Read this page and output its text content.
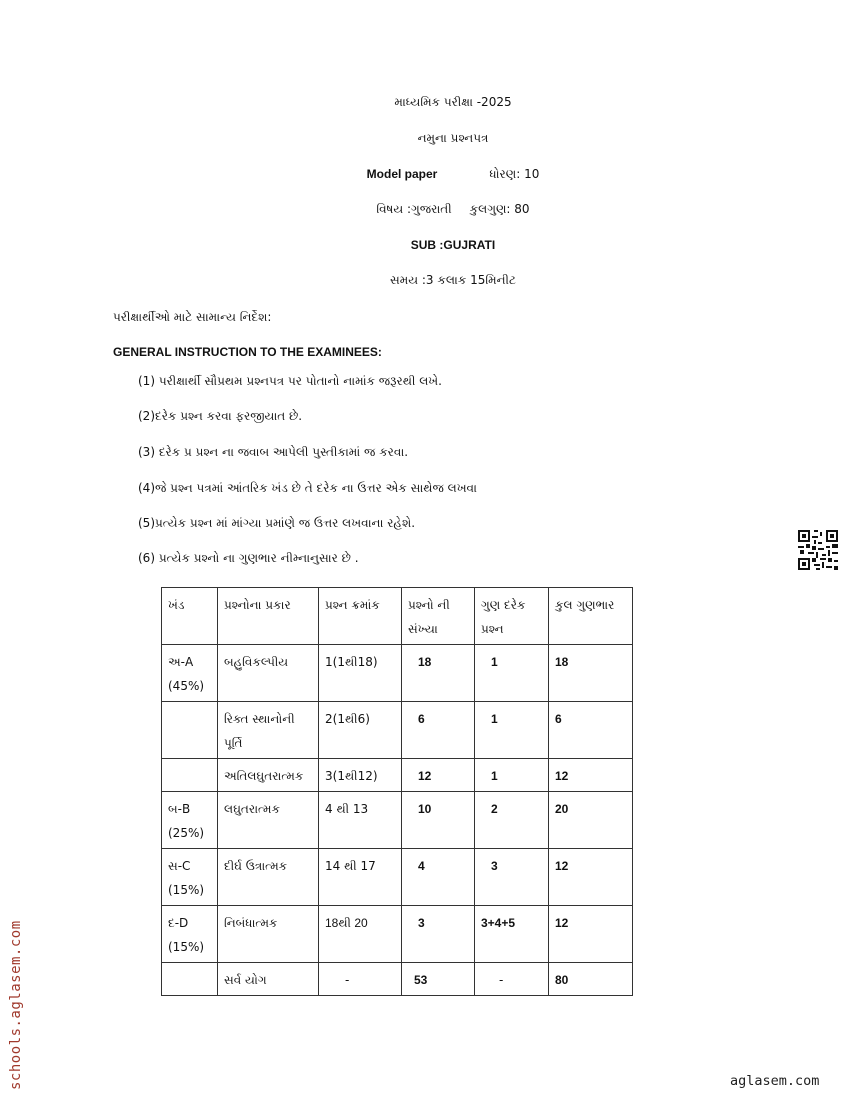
માધ્યમિક પરીક્ષા -2025
નમુના પ્રશ્નપત્ર
Model paper	ધોરણ: 10
વિષય :ગુજરાતી કુલગુણ: 80
SUB :GUJRATI
સમય :3 કલાક 15મિનીટ
પરીક્ષાર્થીઓ માટે સામાન્ય નિર્દેશ:
GENERAL INSTRUCTION TO THE EXAMINEES:
(1) પરીક્ષાર્થી સૌપ્રથમ પ્રશ્નપત્ર પર પોતાનો નામાંક જરૂરથી લખે.
(2)દરેક પ્રશ્ન કરવા ફરજીયાત છે.
(3) દરેક પ્ર પ્રશ્ન ના જવાબ આપેલી પુસ્તીકામાં જ કરવા.
(4)જે પ્રશ્ન પત્રમાં આંતરિક ખંડ છે તે દરેક ના ઉત્તર એક સાથેજ લખવા
(5)પ્રત્યેક પ્રશ્ન માં માંગ્યા પ્રમાંણે જ ઉત્તર લખવાના રહેશે.
(6) પ્રત્યેક પ્રશ્નો ના ગુણભાર નીમ્નાનુસાર છે .
ખંડ	પ્રશ્નોના પ્રકાર	પ્રશ્ન ક્રમાંક	પ્રશ્નો ની સંખ્યા	ગુણ દરેક પ્રશ્ન	કુલ ગુણભાર
અ-A (45%)	બહુવિકલ્પીય	1(1થી18)	18	1	18
	રિક્ત સ્થાનોની પૂર્તિ	2(1થી6)	6	1	6
	અતિલઘુતરાત્મક	3(1થી12)	12	1	12
બ-B (25%)	લઘુતરાત્મક	4 થી 13	10	2	20
સ-C (15%)	દીર્ઘ ઉત્રાત્મક	14 થી 17	4	3	12
દ-D (15%)	નિબંધાત્મક	18થી 20	3	3+4+5	12
	સર્વ યોગ	-	53	-	80
schools.aglasem.com	aglasem.com
